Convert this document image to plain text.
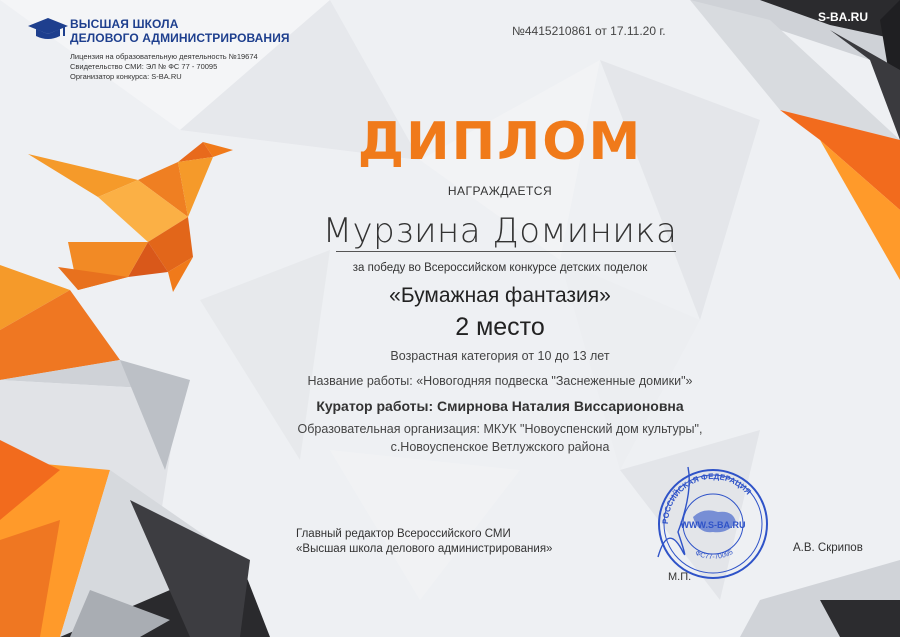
ВЫСШАЯ ШКОЛА
ДЕЛОВОГО АДМИНИСТРИРОВАНИЯ
Лицензия на образовательную деятельность №19674
Свидетельство СМИ: ЭЛ № ФС 77 - 70095
Организатор конкурса: S-BA.RU
№4415210861 от 17.11.20 г.
S-BA.RU
ДИПЛОМ
НАГРАЖДАЕТСЯ
Мурзина Доминика
за победу во Всероссийском конкурсе детских поделок
«Бумажная фантазия»
2 место
Возрастная категория от 10 до 13 лет
Название работы: «Новогодняя подвеска "Заснеженные домики"»
Куратор работы: Смирнова Наталия Виссарионовна
Образовательная организация: МКУК "Новоуспенский дом культуры",
с.Новоуспенское Ветлужского района
Главный редактор Всероссийского СМИ
«Высшая школа делового администрирования»
РОССИЙСКАЯ ФЕДЕРАЦИЯ
WWW.S-BA.RU
ФС77-70095
М.П.
А.В. Скрипов
